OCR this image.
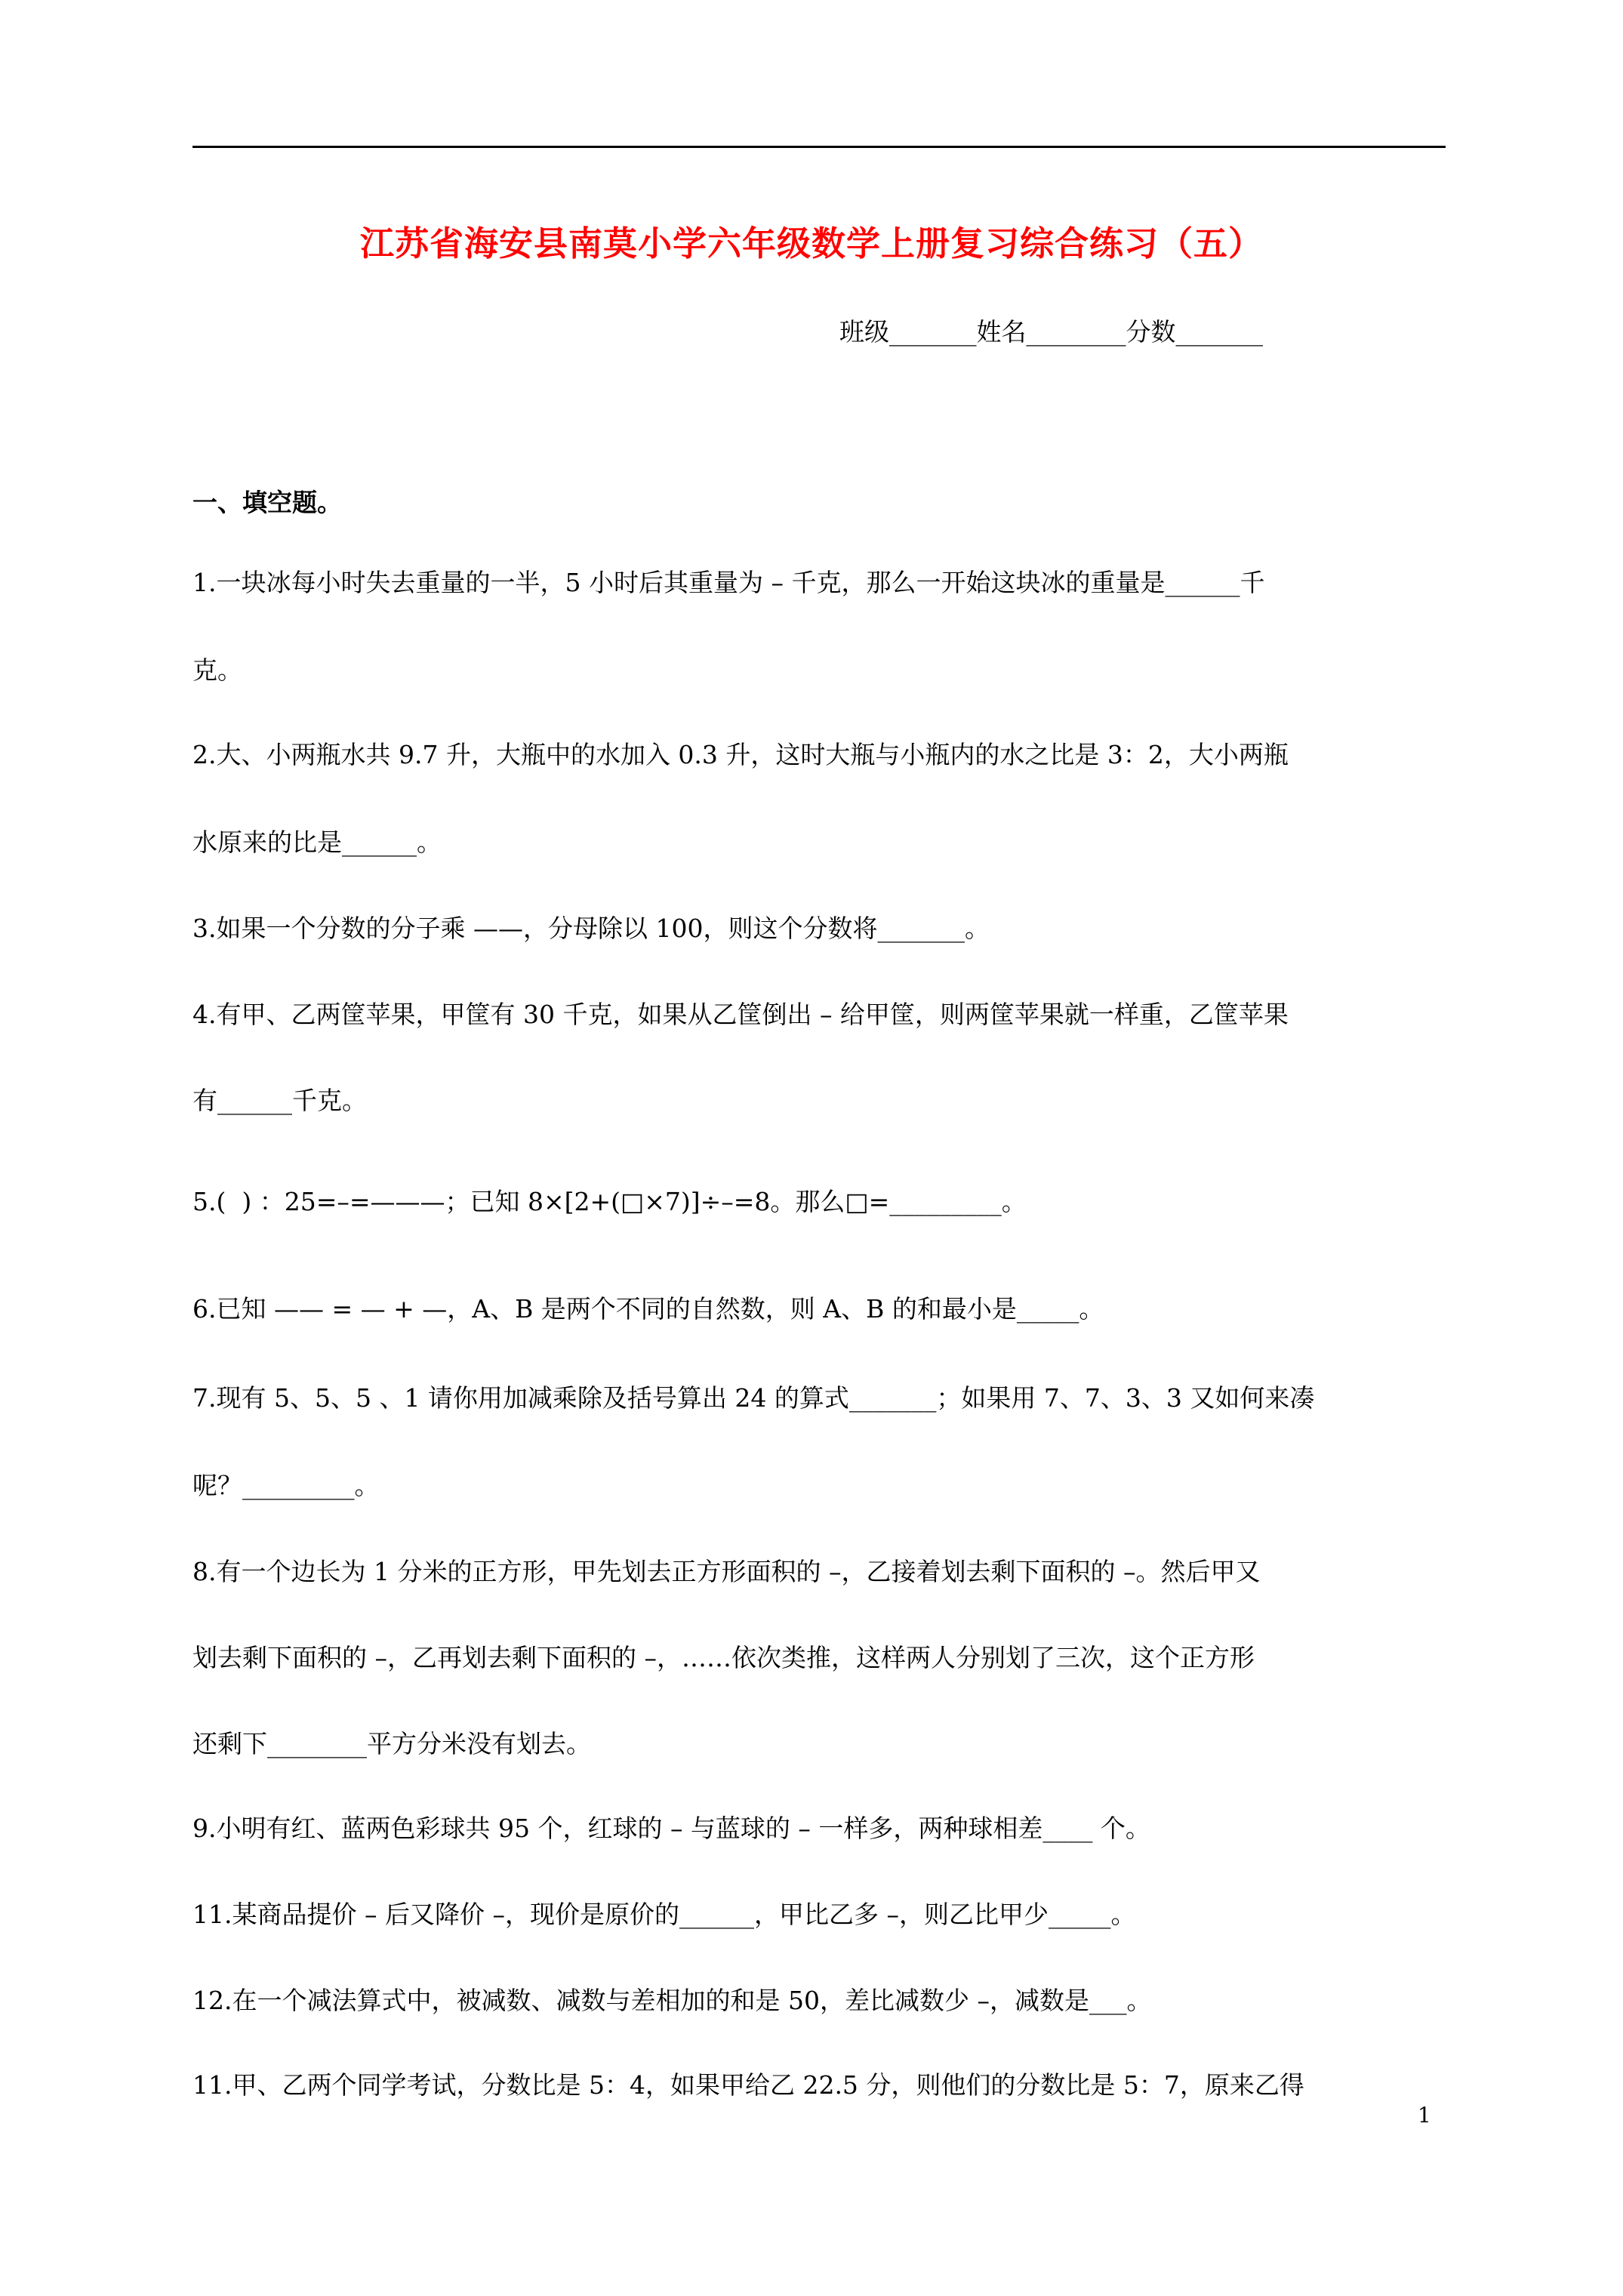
江苏省海安县南莫小学六年级数学上册复习综合练习（五）
班级_______姓名________分数_______
一、填空题。
1.一块冰每小时失去重量的一半，5 小时后其重量为 – 千克，那么一开始这块冰的重量是______千
克。
2.大、小两瓶水共 9.7 升，大瓶中的水加入 0.3 升，这时大瓶与小瓶内的水之比是 3：2，大小两瓶
水原来的比是______。
3.如果一个分数的分子乘 ——，分母除以 100，则这个分数将_______。
4.有甲、乙两筐苹果，甲筐有 30 千克，如果从乙筐倒出 – 给甲筐，则两筐苹果就一样重，乙筐苹果
有______千克。
5.(  ) ：25=–=———；已知 8×[2+(□×7)]÷–=8。那么□=_________。
6.已知 —— = — + —，A、B 是两个不同的自然数，则 A、B 的和最小是_____。
7.现有 5、5、5 、1 请你用加减乘除及括号算出 24 的算式_______；如果用 7、7、3、3 又如何来凑
呢？_________。
8.有一个边长为 1 分米的正方形，甲先划去正方形面积的 –，乙接着划去剩下面积的 –。然后甲又
划去剩下面积的 –，乙再划去剩下面积的 –，……依次类推，这样两人分别划了三次，这个正方形
还剩下________平方分米没有划去。
9.小明有红、蓝两色彩球共 95 个，红球的 – 与蓝球的 – 一样多，两种球相差____ 个。
11.某商品提价 – 后又降价 –，现价是原价的______，甲比乙多 –，则乙比甲少_____。
12.在一个减法算式中，被减数、减数与差相加的和是 50，差比减数少 –，减数是___。
11.甲、乙两个同学考试，分数比是 5：4，如果甲给乙 22.5 分，则他们的分数比是 5：7，原来乙得
1
